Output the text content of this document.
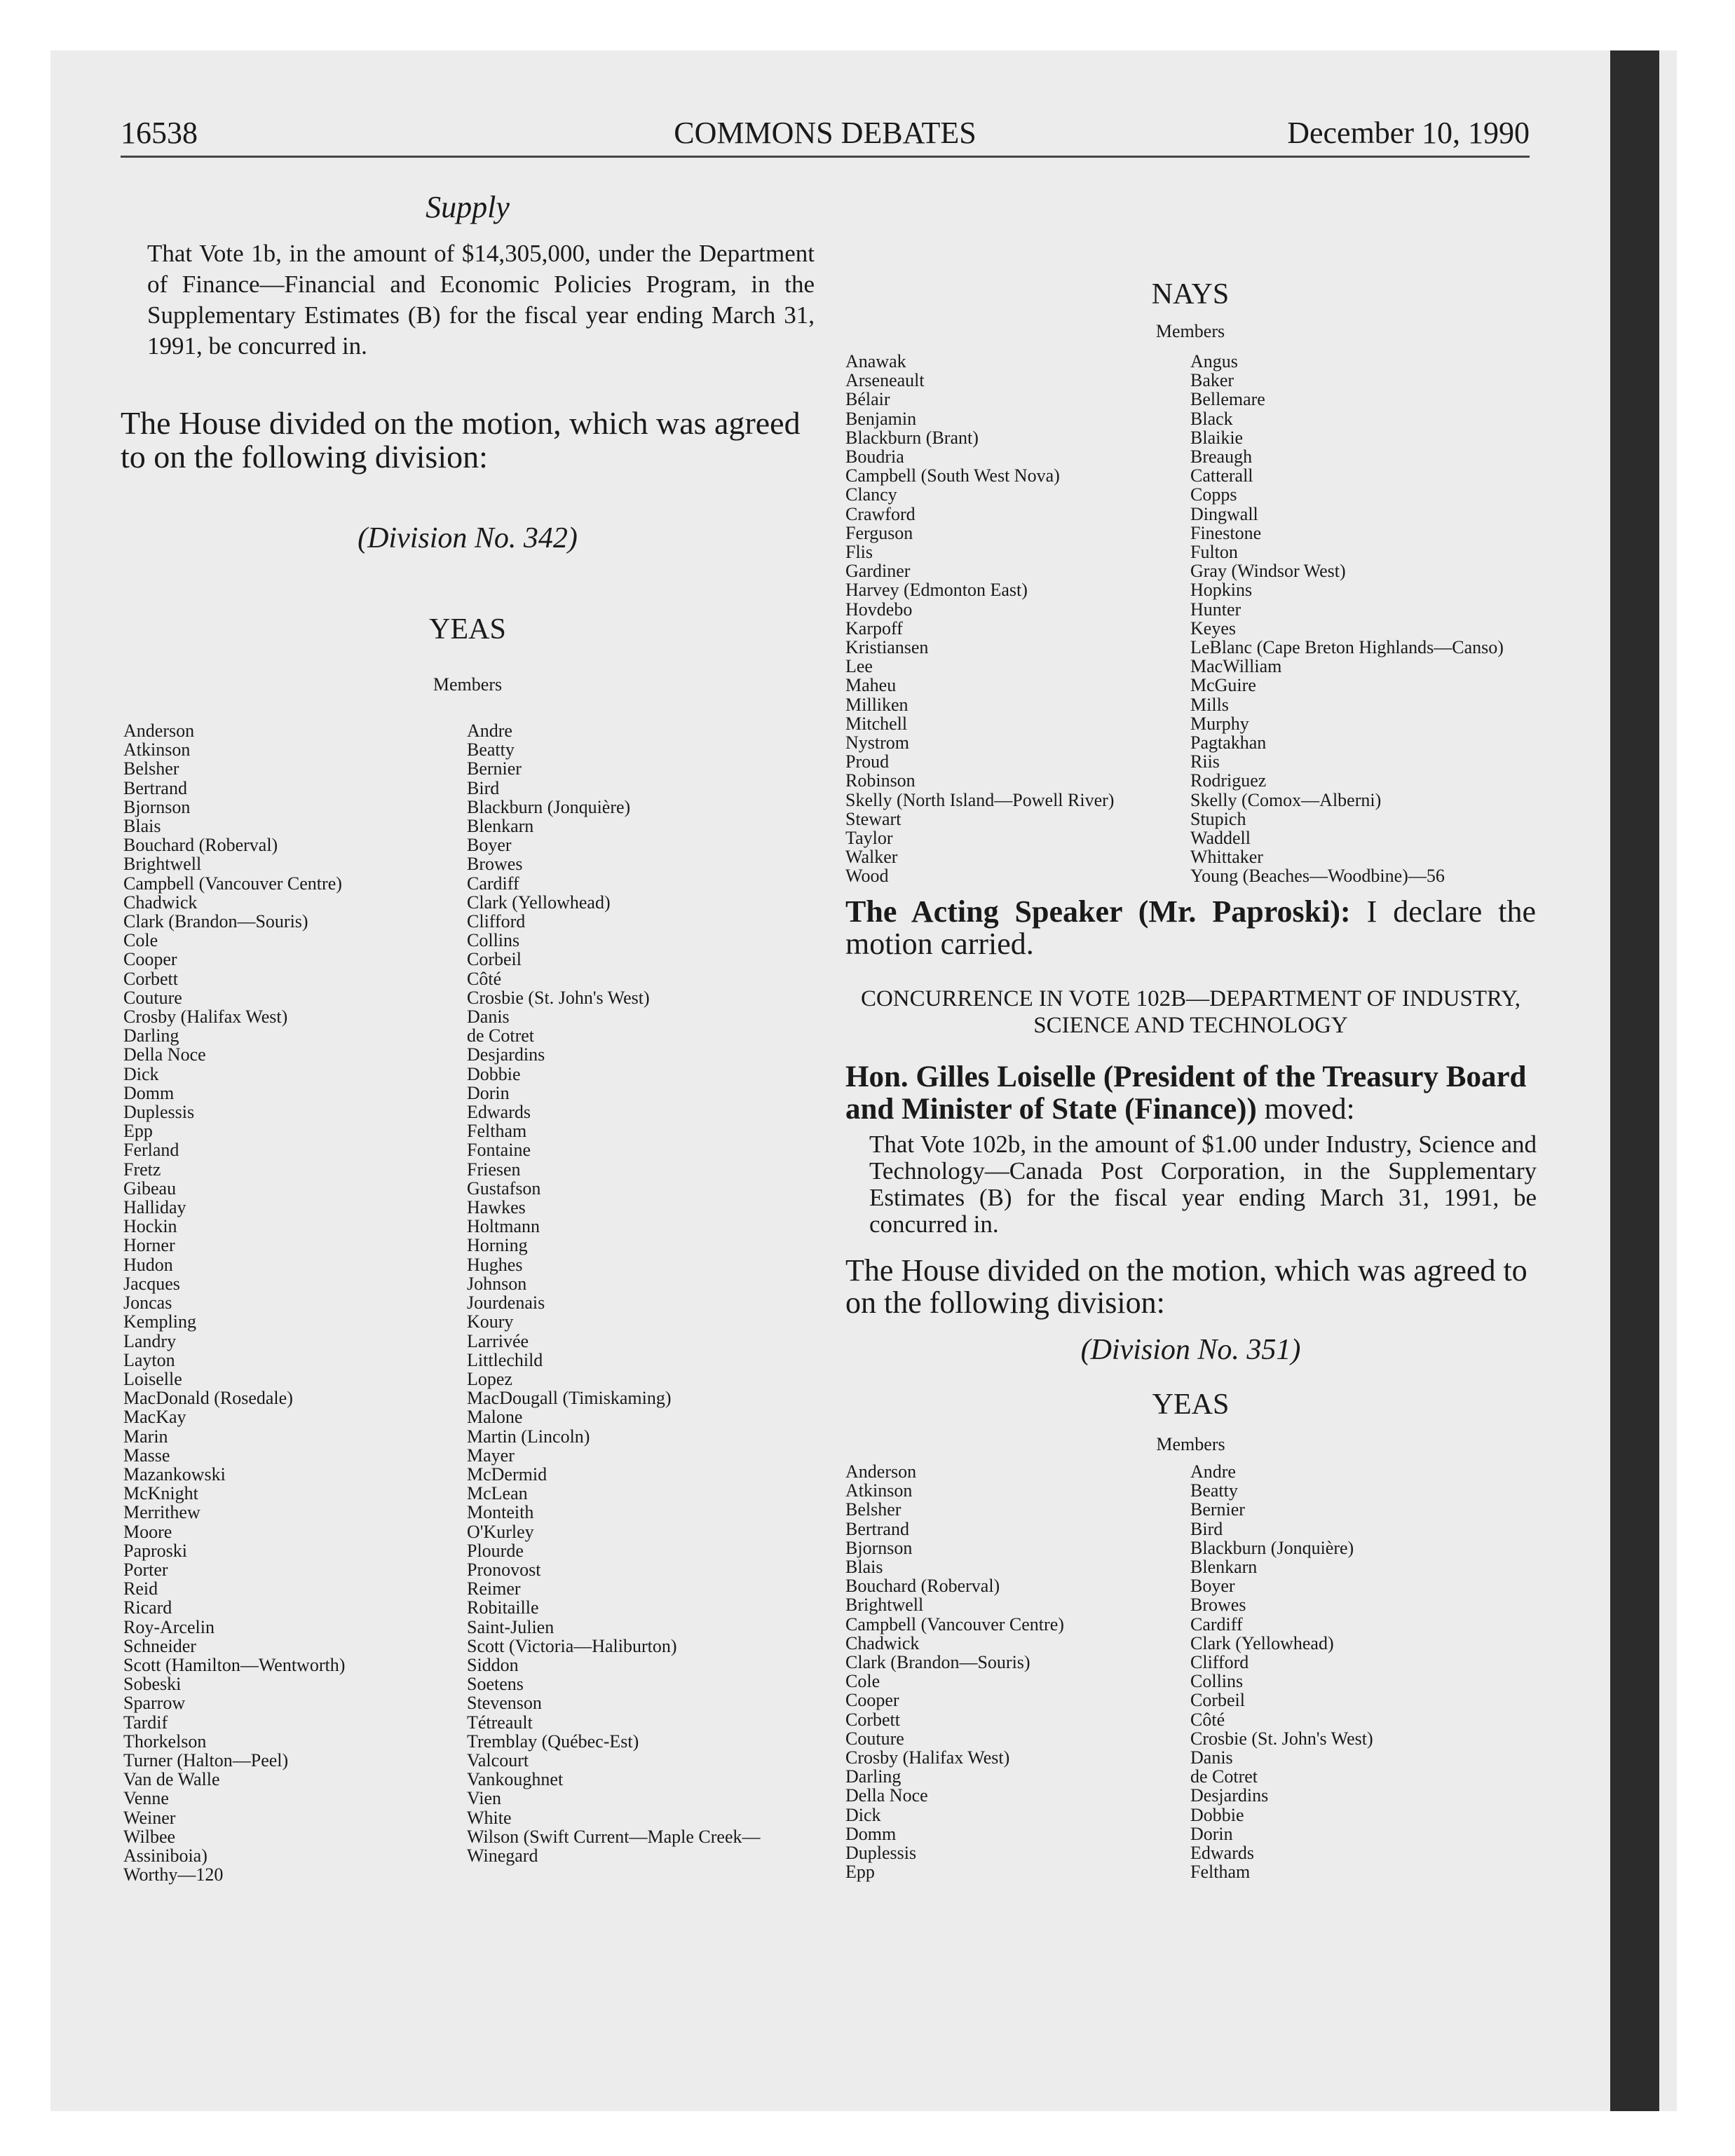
16538	COMMONS DEBATES	December 10, 1990
Supply
That Vote 1b, in the amount of $14,305,000, under the Department of Finance—Financial and Economic Policies Program, in the Supplementary Estimates (B) for the fiscal year ending March 31, 1991, be concurred in.
The House divided on the motion, which was agreed to on the following division:
(Division No. 342)
YEAS
Members
Anderson
Atkinson
Belsher
Bertrand
Bjornson
Blais
Bouchard (Roberval)
Brightwell
Campbell (Vancouver Centre)
Chadwick
Clark (Brandon—Souris)
Cole
Cooper
Corbett
Couture
Crosby (Halifax West)
Darling
Della Noce
Dick
Domm
Duplessis
Epp
Ferland
Fretz
Gibeau
Halliday
Hockin
Horner
Hudon
Jacques
Joncas
Kempling
Landry
Layton
Loiselle
MacDonald (Rosedale)
MacKay
Marin
Masse
Mazankowski
McKnight
Merrithew
Moore
Paproski
Porter
Reid
Ricard
Roy-Arcelin
Schneider
Scott (Hamilton—Wentworth)
Sobeski
Sparrow
Tardif
Thorkelson
Turner (Halton—Peel)
Van de Walle
Venne
Weiner
Wilbee
Assiniboia)
Worthy—120
Andre
Beatty
Bernier
Bird
Blackburn (Jonquière)
Blenkarn
Boyer
Browes
Cardiff
Clark (Yellowhead)
Clifford
Collins
Corbeil
Côté
Crosbie (St. John's West)
Danis
de Cotret
Desjardins
Dobbie
Dorin
Edwards
Feltham
Fontaine
Friesen
Gustafson
Hawkes
Holtmann
Horning
Hughes
Johnson
Jourdenais
Koury
Larrivée
Littlechild
Lopez
MacDougall (Timiskaming)
Malone
Martin (Lincoln)
Mayer
McDermid
McLean
Monteith
O'Kurley
Plourde
Pronovost
Reimer
Robitaille
Saint-Julien
Scott (Victoria—Haliburton)
Siddon
Soetens
Stevenson
Tétreault
Tremblay (Québec-Est)
Valcourt
Vankoughnet
Vien
White
Wilson (Swift Current—Maple Creek—
Winegard
NAYS
Members
Anawak
Arseneault
Bélair
Benjamin
Blackburn (Brant)
Boudria
Campbell (South West Nova)
Clancy
Crawford
Ferguson
Flis
Gardiner
Harvey (Edmonton East)
Hovdebo
Karpoff
Kristiansen
Lee
Maheu
Milliken
Mitchell
Nystrom
Proud
Robinson
Skelly (North Island—Powell River)
Stewart
Taylor
Walker
Wood
Angus
Baker
Bellemare
Black
Blaikie
Breaugh
Catterall
Copps
Dingwall
Finestone
Fulton
Gray (Windsor West)
Hopkins
Hunter
Keyes
LeBlanc (Cape Breton Highlands—Canso)
MacWilliam
McGuire
Mills
Murphy
Pagtakhan
Riis
Rodriguez
Skelly (Comox—Alberni)
Stupich
Waddell
Whittaker
Young (Beaches—Woodbine)—56
The Acting Speaker (Mr. Paproski): I declare the motion carried.
CONCURRENCE IN VOTE 102B—DEPARTMENT OF INDUSTRY, SCIENCE AND TECHNOLOGY
Hon. Gilles Loiselle (President of the Treasury Board and Minister of State (Finance)) moved:
That Vote 102b, in the amount of $1.00 under Industry, Science and Technology—Canada Post Corporation, in the Supplementary Estimates (B) for the fiscal year ending March 31, 1991, be concurred in.
The House divided on the motion, which was agreed to on the following division:
(Division No. 351)
YEAS
Members
Anderson
Atkinson
Belsher
Bertrand
Bjornson
Blais
Bouchard (Roberval)
Brightwell
Campbell (Vancouver Centre)
Chadwick
Clark (Brandon—Souris)
Cole
Cooper
Corbett
Couture
Crosby (Halifax West)
Darling
Della Noce
Dick
Domm
Duplessis
Epp
Andre
Beatty
Bernier
Bird
Blackburn (Jonquière)
Blenkarn
Boyer
Browes
Cardiff
Clark (Yellowhead)
Clifford
Collins
Corbeil
Côté
Crosbie (St. John's West)
Danis
de Cotret
Desjardins
Dobbie
Dorin
Edwards
Feltham
